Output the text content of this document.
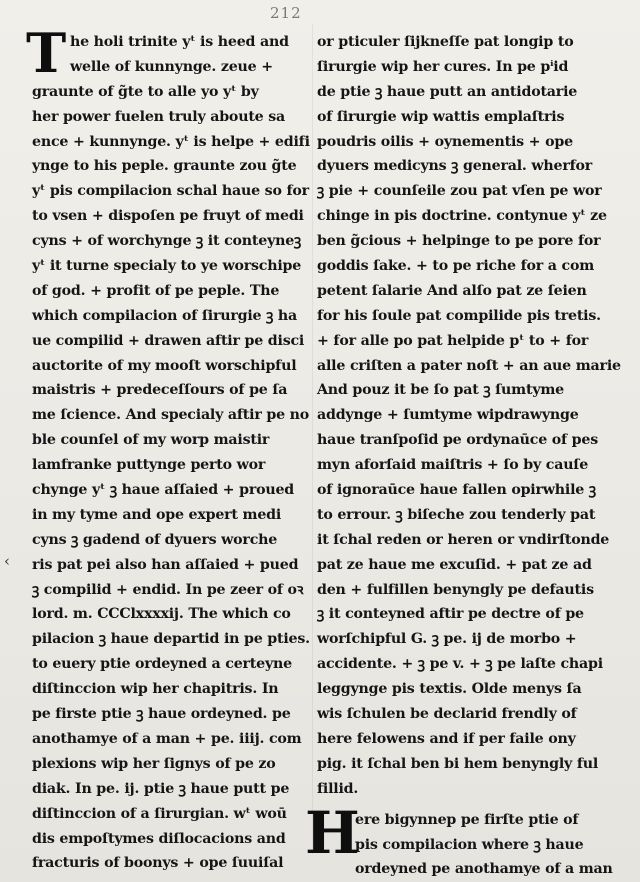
212
‹
T he holi trinite yᵗ is heed and
welle of kunnynge. zeue +
graunte of g̃te to alle yo yᵗ by
her power fuelen truly aboute sa
ence + kunnynge. yᵗ is helpe + edifi
ynge to his peple. graunte zou g̃te
yᵗ pis compilacion schal haue so for
to vsen + dispoſen pe fruyt of medi
cyns + of worchynge ꝫ it conteyneꝫ
yᵗ it turne specialy to ye worschipe
of god. + profit of pe peple. The
which compilacion of ſirurgie ꝫ ha
ue compilid + drawen aftir pe disci
auctorite of my mooſt worschipful
maistris + predeceſſours of pe ſa
me ſcience. And specialy aftir pe no
ble counſel of my worp maistir
lamfranke puttynge perto wor
chynge yᵗ ꝫ haue aſſaied + proued
in my tyme and ope expert medi
cyns ꝫ gadend of dyuers worche
ris pat pei also han aſſaied + pued
ꝫ compilid + endid. In pe zeer of oꝛ
lord. m. CCClxxxxij. The which co
pilacion ꝫ haue departid in pe pties.
to euery ptie ordeyned a certeyne
diſtinccion wip her chapitris. In
pe firste ptie ꝫ haue ordeyned. pe
anothamye of a man + pe. iiij. com
plexions wip her ſignys of pe zo
diak. In pe. ij. ptie ꝫ haue putt pe
diſtinccion of a ſirurgian. wᵗ woū
dis empoſtymes diſlocacions and
fracturis of boonys + ope ſuuiſal
or pticuler ſijkneſſe pat longip to
ſirurgie wip her cures. In pe pⁱid
de ptie ꝫ haue putt an antidotarie
of ſirurgie wip wattis emplaſtris
poudris oilis + oynementis + ope
dyuers medicyns ꝫ general. wherfor
ꝫ pie + counſeile zou pat vſen pe wor
chinge in pis doctrine. contynue yᵗ ze
ben g̃cious + helpinge to pe pore for
goddis ſake. + to pe riche for a com
petent ſalarie And alſo pat ze ſeien
for his ſoule pat compilide pis tretis.
+ for alle po pat helpide pᵗ to + for
alle criſten a pater noſt + an aue marie
And pouz it be ſo pat ꝫ ſumtyme
addynge + ſumtyme wipdrawynge
haue tranſpoſid pe ordynaūce of pes
myn aforſaid maiſtris + ſo by cauſe
of ignoraūce haue fallen opirwhile ꝫ
to errour. ꝫ biſeche zou tenderly pat
it ſchal reden or heren or vndirſtonde
pat ze haue me excuſid. + pat ze ad
den + fulfillen benyngly pe defautis
ꝫ it conteyned aftir pe dectre of pe
worſchipful G. ꝫ pe. ij de morbo +
accidente. + ꝫ pe v. + ꝫ pe laſte chapi
leggynge pis textis. Olde menys ſa
wis ſchulen be declarid frendly of
here felowens and if per faile ony
pig. it ſchal ben bi hem benyngly ful
fillid.
H
ere bigynnep pe firſte ptie of
pis compilacion where ꝫ haue
ordeyned pe anothamye of a man
